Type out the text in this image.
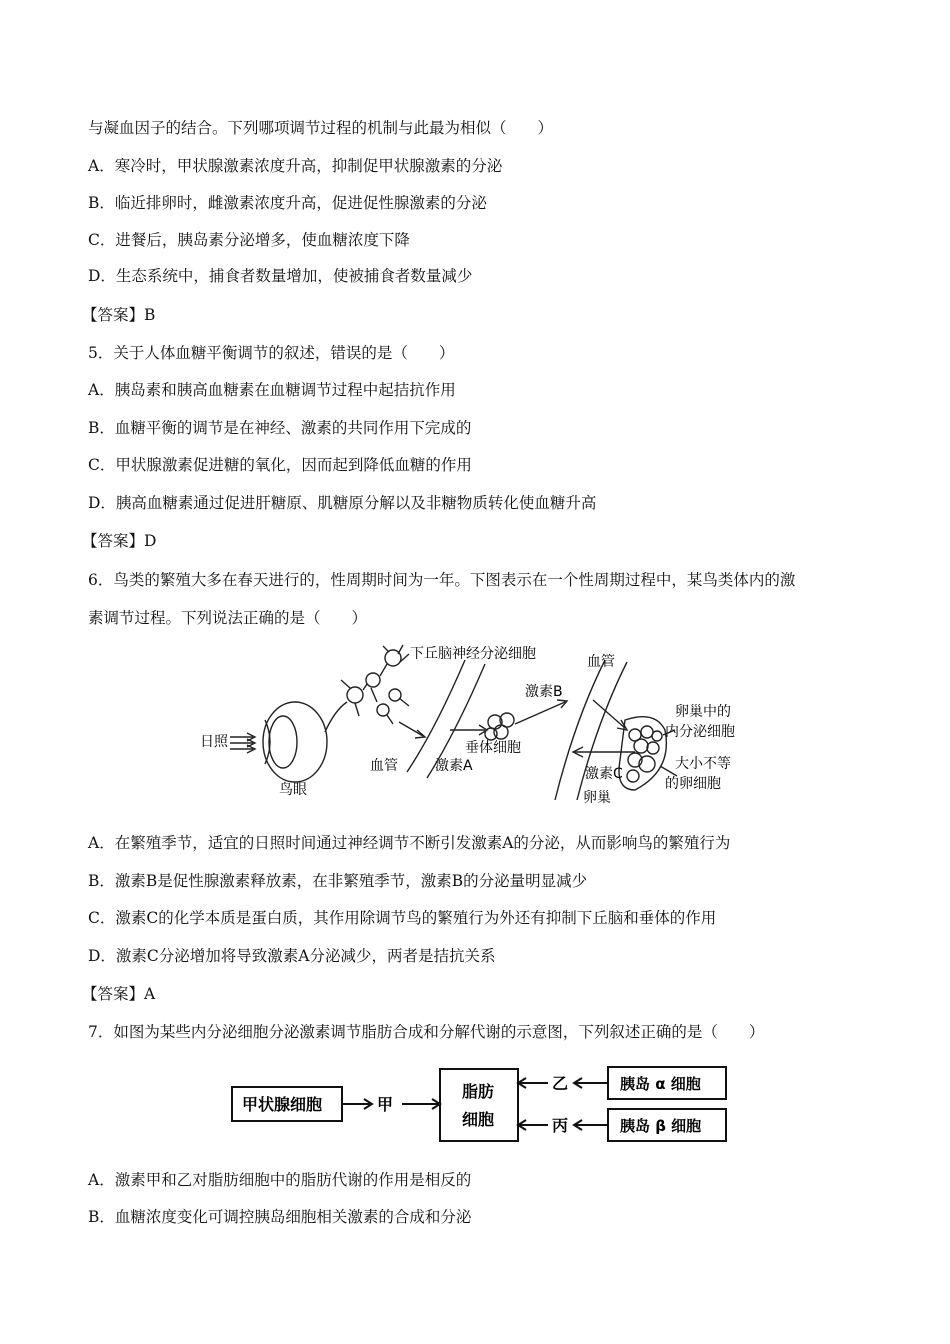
与凝血因子的结合。下列哪项调节过程的机制与此最为相似（　　）
A．寒冷时，甲状腺激素浓度升高，抑制促甲状腺激素的分泌
B．临近排卵时，雌激素浓度升高，促进促性腺激素的分泌
C．进餐后，胰岛素分泌增多，使血糖浓度下降
D．生态系统中，捕食者数量增加，使被捕食者数量减少
【答案】B
5．关于人体血糖平衡调节的叙述，错误的是（　　）
A．胰岛素和胰高血糖素在血糖调节过程中起拮抗作用
B．血糖平衡的调节是在神经、激素的共同作用下完成的
C．甲状腺激素促进糖的氧化，因而起到降低血糖的作用
D．胰高血糖素通过促进肝糖原、肌糖原分解以及非糖物质转化使血糖升高
【答案】D
6．鸟类的繁殖大多在春天进行的，性周期时间为一年。下图表示在一个性周期过程中，某鸟类体内的激
素调节过程。下列说法正确的是（　　）
日照
鸟眼
下丘脑神经分泌细胞
血管	激素A
垂体细胞
激素B
血管
激素C
卵巢
卵巢中的
内分泌细胞
大小不等
的卵细胞
A．在繁殖季节，适宜的日照时间通过神经调节不断引发激素A的分泌，从而影响鸟的繁殖行为
B．激素B是促性腺激素释放素，在非繁殖季节，激素B的分泌量明显减少
C．激素C的化学本质是蛋白质，其作用除调节鸟的繁殖行为外还有抑制下丘脑和垂体的作用
D．激素C分泌增加将导致激素A分泌减少，两者是拮抗关系
【答案】A
7．如图为某些内分泌细胞分泌激素调节脂肪合成和分解代谢的示意图，下列叙述正确的是（　　）
甲状腺细胞	甲
脂肪
细胞
乙
丙
胰岛 α 细胞
胰岛 β 细胞
A．激素甲和乙对脂肪细胞中的脂肪代谢的作用是相反的
B．血糖浓度变化可调控胰岛细胞相关激素的合成和分泌
